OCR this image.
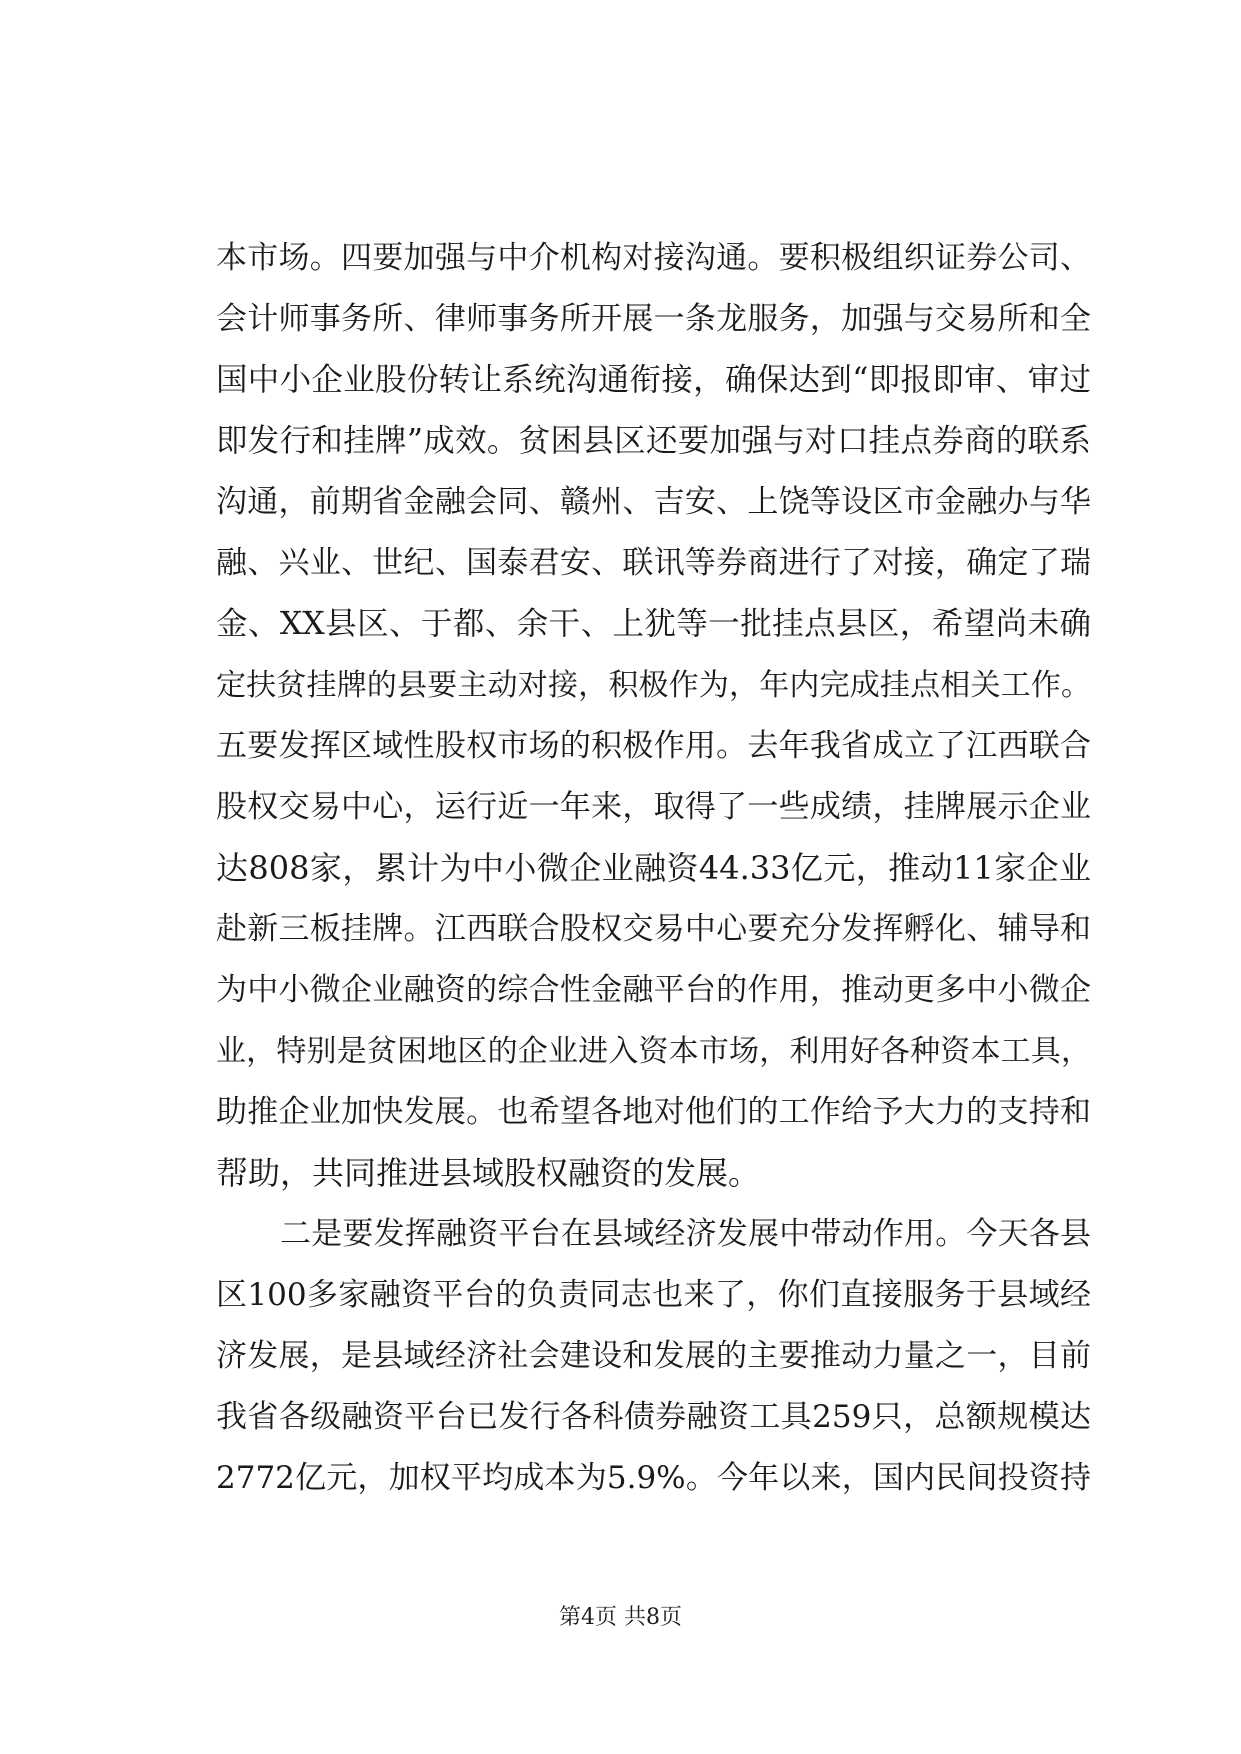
本市场。四要加强与中介机构对接沟通。要积极组织证券公司、
会计师事务所、律师事务所开展一条龙服务，加强与交易所和全
国中小企业股份转让系统沟通衔接，确保达到“即报即审、审过
即发行和挂牌”成效。贫困县区还要加强与对口挂点券商的联系
沟通，前期省金融会同、赣州、吉安、上饶等设区市金融办与华
融、兴业、世纪、国泰君安、联讯等券商进行了对接，确定了瑞
金、XX县区、于都、余干、上犹等一批挂点县区，希望尚未确
定扶贫挂牌的县要主动对接，积极作为，年内完成挂点相关工作。
五要发挥区域性股权市场的积极作用。去年我省成立了江西联合
股权交易中心，运行近一年来，取得了一些成绩，挂牌展示企业
达808家，累计为中小微企业融资44.33亿元，推动11家企业
赴新三板挂牌。江西联合股权交易中心要充分发挥孵化、辅导和
为中小微企业融资的综合性金融平台的作用，推动更多中小微企
业，特别是贫困地区的企业进入资本市场，利用好各种资本工具，
助推企业加快发展。也希望各地对他们的工作给予大力的支持和
帮助，共同推进县域股权融资的发展。
二是要发挥融资平台在县域经济发展中带动作用。今天各县
区100多家融资平台的负责同志也来了，你们直接服务于县域经
济发展，是县域经济社会建设和发展的主要推动力量之一，目前
我省各级融资平台已发行各科债券融资工具259只，总额规模达
2772亿元，加权平均成本为5.9%。今年以来，国内民间投资持
第4页 共8页
